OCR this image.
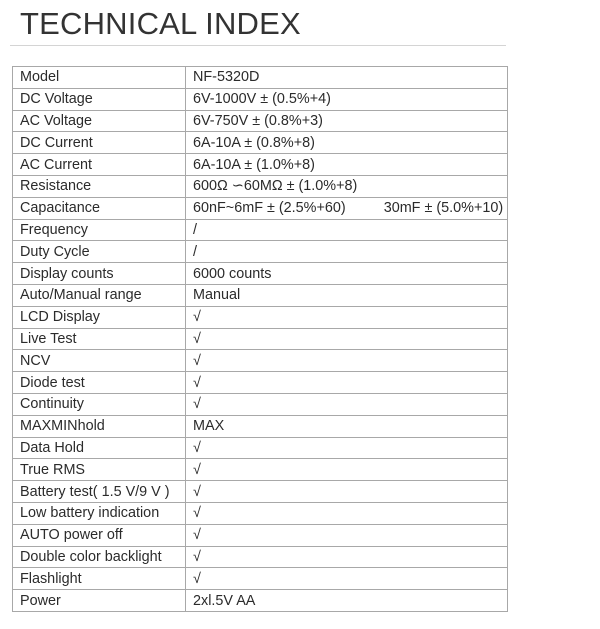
TECHNICAL INDEX
Model	NF-5320D
DC Voltage	6V-1000V ± (0.5%+4)
AC Voltage	6V-750V ± (0.8%+3)
DC Current	6A-10A ± (0.8%+8)
AC Current	6A-10A ± (1.0%+8)
Resistance	600Ω ∽60MΩ ± (1.0%+8)
Capacitance	60nF~6mF ± (2.5%+60) 30mF ± (5.0%+10)
Frequency	/
Duty Cycle	/
Display counts	6000 counts
Auto/Manual range	Manual
LCD Display	√
Live Test	√
NCV	√
Diode test	√
Continuity	√
MAXMINhold	MAX
Data Hold	√
True RMS	√
Battery test( 1.5 V/9 V )	√
Low battery indication	√
AUTO power off	√
Double color backlight	√
Flashlight	√
Power	2xl.5V AA
